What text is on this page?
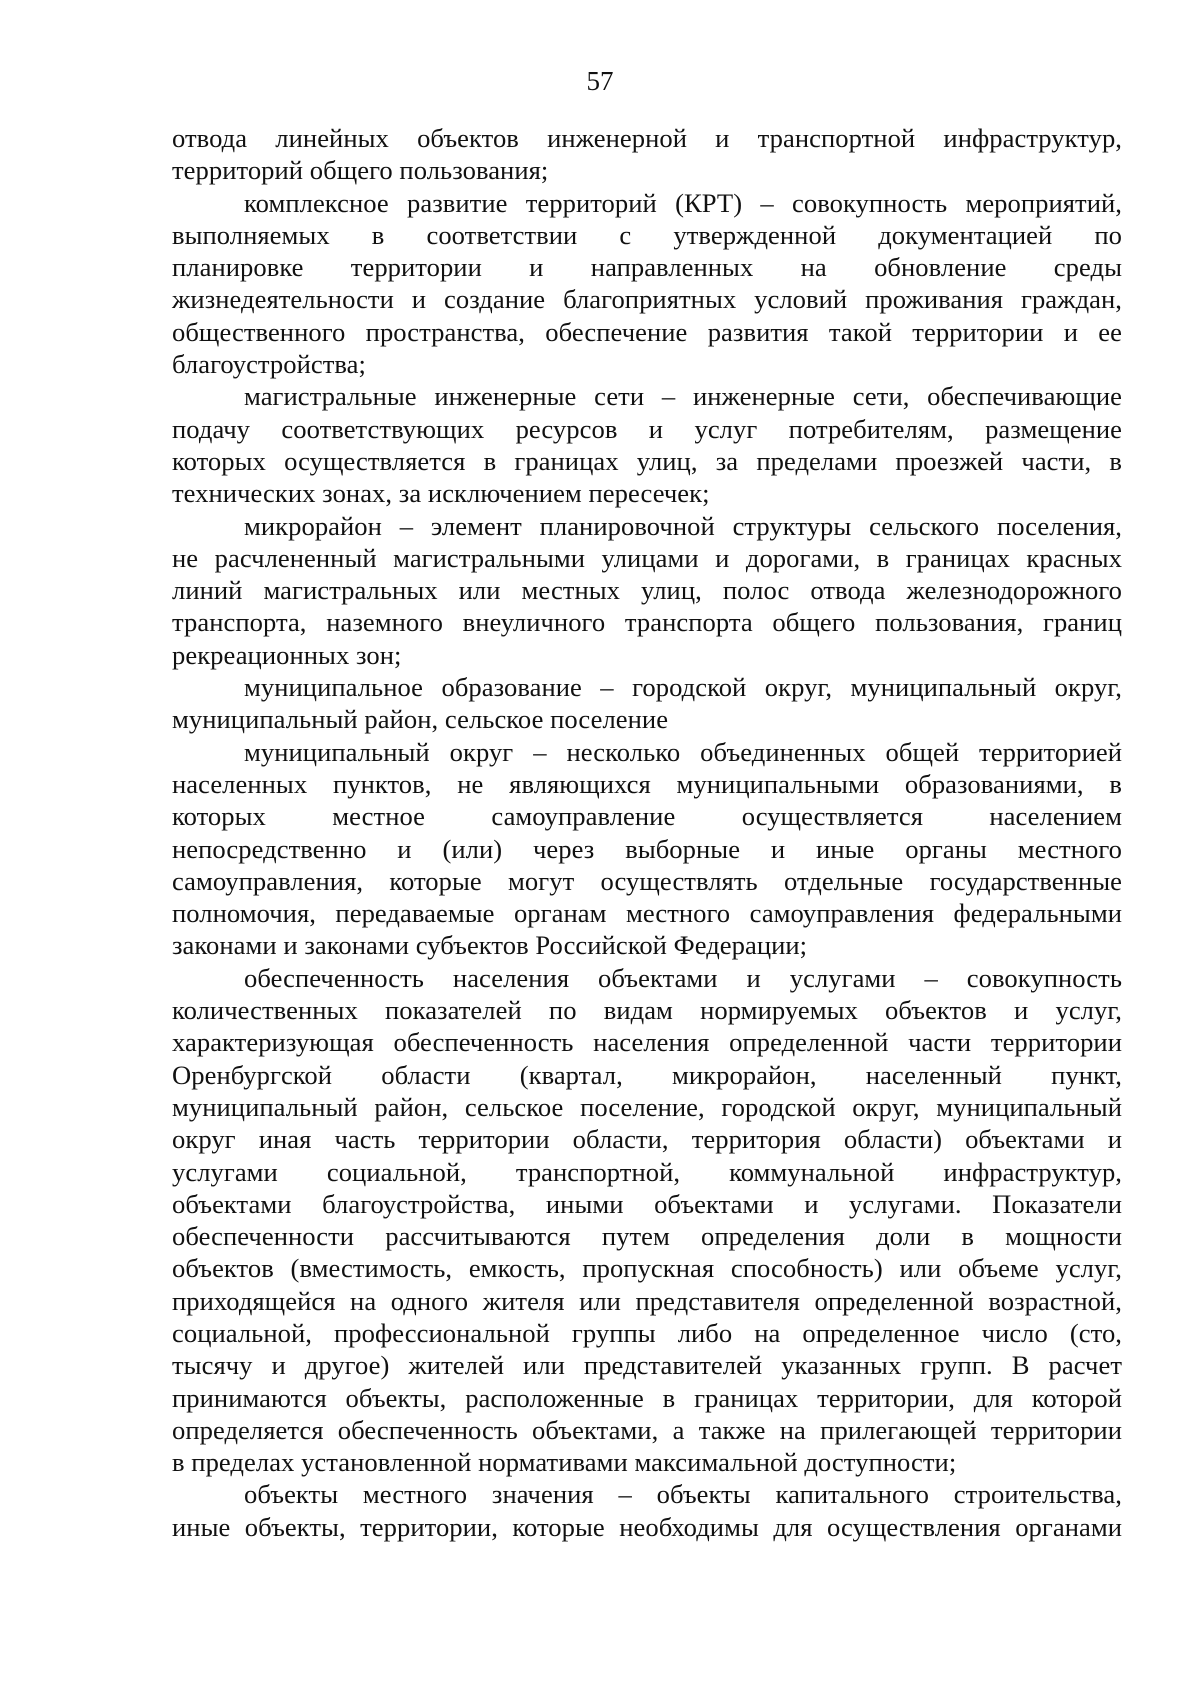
57
отвода линейных объектов инженерной и транспортной инфраструктур,
территорий общего пользования;
комплексное развитие территорий (КРТ) – совокупность мероприятий,
выполняемых в соответствии с утвержденной документацией по
планировке территории и направленных на обновление среды
жизнедеятельности и создание благоприятных условий проживания граждан,
общественного пространства, обеспечение развития такой территории и ее
благоустройства;
магистральные инженерные сети – инженерные сети, обеспечивающие
подачу соответствующих ресурсов и услуг потребителям, размещение
которых осуществляется в границах улиц, за пределами проезжей части, в
технических зонах, за исключением пересечек;
микрорайон – элемент планировочной структуры сельского поселения,
не расчлененный магистральными улицами и дорогами, в границах красных
линий магистральных или местных улиц, полос отвода железнодорожного
транспорта, наземного внеуличного транспорта общего пользования, границ
рекреационных зон;
муниципальное образование – городской округ, муниципальный округ,
муниципальный район, сельское поселение
муниципальный округ – несколько объединенных общей территорией
населенных пунктов, не являющихся муниципальными образованиями, в
которых местное самоуправление осуществляется населением
непосредственно и (или) через выборные и иные органы местного
самоуправления, которые могут осуществлять отдельные государственные
полномочия, передаваемые органам местного самоуправления федеральными
законами и законами субъектов Российской Федерации;
обеспеченность населения объектами и услугами – совокупность
количественных показателей по видам нормируемых объектов и услуг,
характеризующая обеспеченность населения определенной части территории
Оренбургской области (квартал, микрорайон, населенный пункт,
муниципальный район, сельское поселение, городской округ, муниципальный
округ иная часть территории области, территория области) объектами и
услугами социальной, транспортной, коммунальной инфраструктур,
объектами благоустройства, иными объектами и услугами. Показатели
обеспеченности рассчитываются путем определения доли в мощности
объектов (вместимость, емкость, пропускная способность) или объеме услуг,
приходящейся на одного жителя или представителя определенной возрастной,
социальной, профессиональной группы либо на определенное число (сто,
тысячу и другое) жителей или представителей указанных групп. В расчет
принимаются объекты, расположенные в границах территории, для которой
определяется обеспеченность объектами, а также на прилегающей территории
в пределах установленной нормативами максимальной доступности;
объекты местного значения – объекты капитального строительства,
иные объекты, территории, которые необходимы для осуществления органами
